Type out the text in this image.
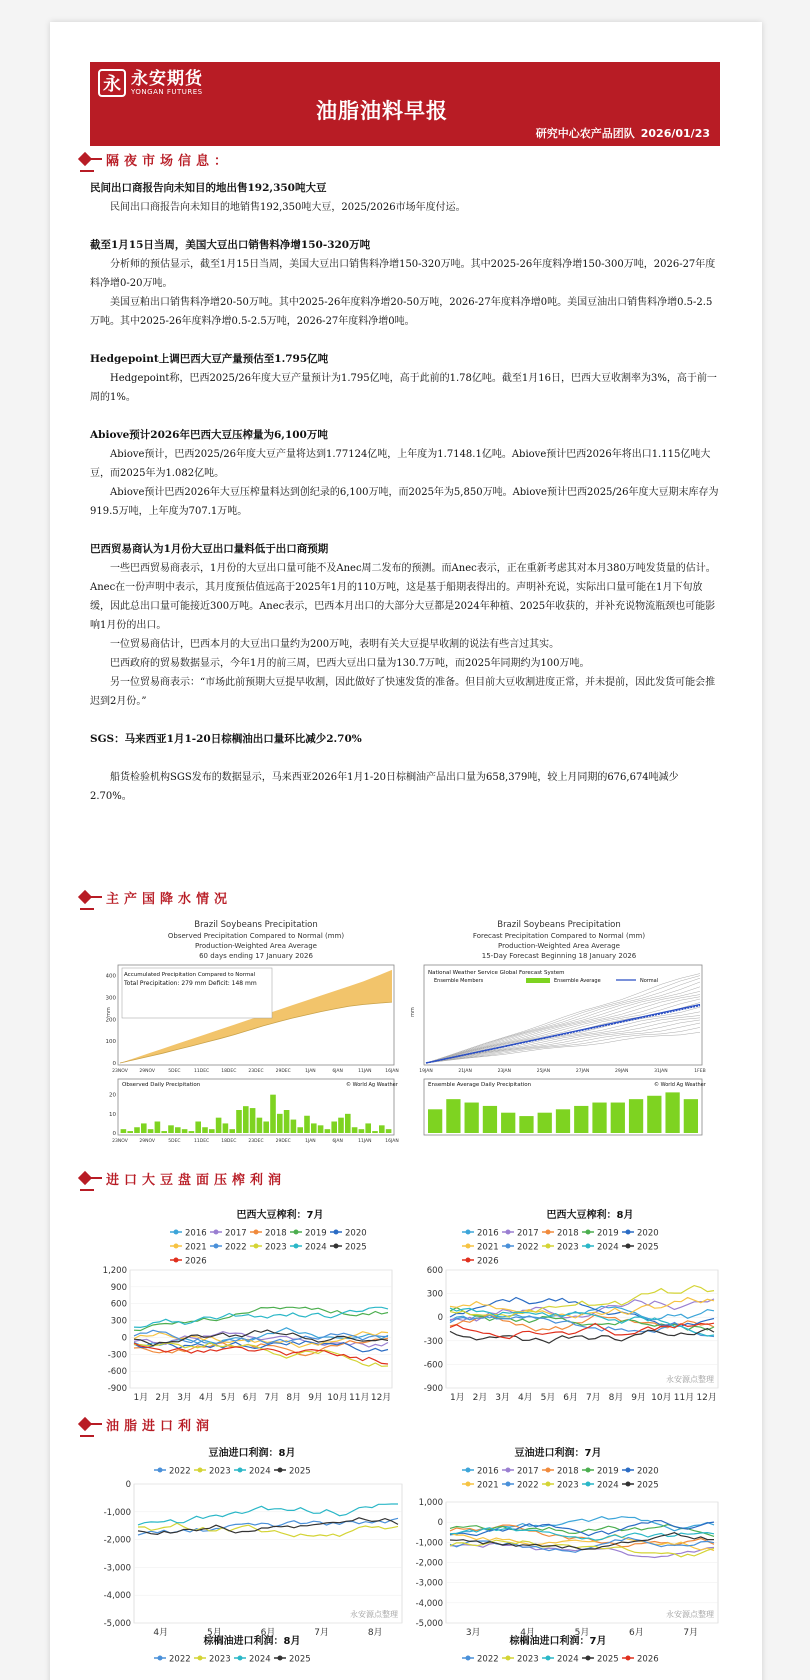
永 永安期货
YONGAN FUTURES
油脂油料早报
研究中心农产品团队 2026/01/23
隔夜市场信息：
民间出口商报告向未知目的地出售192,350吨大豆

民间出口商报告向未知目的地销售192,350吨大豆，2025/2026市场年度付运。

截至1月15日当周，美国大豆出口销售料净增150-320万吨

分析师的预估显示，截至1月15日当周，美国大豆出口销售料净增150-320万吨。其中2025-26年度料净增150-300万吨，2026-27年度料净增0-20万吨。

美国豆粕出口销售料净增20-50万吨。其中2025-26年度料净增20-50万吨，2026-27年度料净增0吨。美国豆油出口销售料净增0.5-2.5万吨。其中2025-26年度料净增0.5-2.5万吨，2026-27年度料净增0吨。

Hedgepoint上调巴西大豆产量预估至1.795亿吨

Hedgepoint称，巴西2025/26年度大豆产量预计为1.795亿吨，高于此前的1.78亿吨。截至1月16日，巴西大豆收割率为3%，高于前一周的1%。

Abiove预计2026年巴西大豆压榨量为6,100万吨

Abiove预计，巴西2025/26年度大豆产量将达到1.77124亿吨，上年度为1.7148.1亿吨。Abiove预计巴西2026年将出口1.115亿吨大豆，而2025年为1.082亿吨。

Abiove预计巴西2026年大豆压榨量料达到创纪录的6,100万吨，而2025年为5,850万吨。Abiove预计巴西2025/26年度大豆期末库存为919.5万吨，上年度为707.1万吨。

巴西贸易商认为1月份大豆出口量料低于出口商预期

一些巴西贸易商表示，1月份的大豆出口量可能不及Anec周二发布的预测。而Anec表示，正在重新考虑其对本月380万吨发货量的估计。

Anec在一份声明中表示，其月度预估值远高于2025年1月的110万吨，这是基于船期表得出的。声明补充说，实际出口量可能在1月下旬放缓，因此总出口量可能接近300万吨。Anec表示，巴西本月出口的大部分大豆都是2024年种植、2025年收获的，并补充说物流瓶颈也可能影响1月份的出口。

一位贸易商估计，巴西本月的大豆出口量约为200万吨，表明有关大豆提早收割的说法有些言过其实。

巴西政府的贸易数据显示，今年1月的前三周，巴西大豆出口量为130.7万吨，而2025年同期约为100万吨。

另一位贸易商表示：“市场此前预期大豆提早收割，因此做好了快速发货的准备。但目前大豆收割进度正常，并未提前，因此发货可能会推迟到2月份。”

SGS：马来西亚1月1-20日棕榈油出口量环比减少2.70%

船货检验机构SGS发布的数据显示，马来西亚2026年1月1-20日棕榈油产品出口量为658,379吨，较上月同期的676,674吨减少2.70%。

主产国降水情况
Brazil Soybeans Precipitation
Observed Precipitation Compared to Normal (mm)
Production-Weighted Area Average
60 days ending 17 January 2026
Accumulated Precipitation Compared to Normal
Total Precipitation: 279 mm Deficit: 148 mm
mm
0
100
200
300
400
23NOV	29NOV	5DEC	11DEC	18DEC	23DEC	29DEC	1JAN	6JAN	11JAN	16JAN
Observed Daily Precipitation	© World Ag Weather
0
10
20
23NOV	29NOV	5DEC	11DEC	18DEC	23DEC	29DEC	1JAN	6JAN	11JAN	16JAN
Brazil Soybeans Precipitation
Forecast Precipitation Compared to Normal (mm)
Production-Weighted Area Average
15-Day Forecast Beginning 18 January 2026
National Weather Service Global Forecast System
Ensemble Members	Ensemble Average	Normal
mm
19JAN	21JAN	23JAN	25JAN	27JAN	29JAN	31JAN	1FEB
Ensemble Average Daily Precipitation	© World Ag Weather
进口大豆盘面压榨利润
巴西大豆榨利：7月	巴西大豆榨利：8月
2016 2017 2018 2019 2020
2021 2022 2023 2024 2025
2026
1,200
900
600
300
0
-300
-600
-900
1月 2月 3月 4月 5月 6月 7月 8月 9月 10月 11月 12月
2016 2017 2018 2019 2020
2021 2022 2023 2024 2025
2026
600
300
0
-300
-600
-900
1月 2月 3月 4月 5月 6月 7月 8月 9月 10月 11月 12月
永安源点整理
油脂进口利润
豆油进口利润：8月	豆油进口利润：7月
2022 2023 2024 2025
0
-1,000
-2,000
-3,000
-4,000
-5,000
4月	5月	6月	7月	8月
永安源点整理
2016 2017 2018 2019 2020
2021 2022 2023 2024 2025
1,000
0
-1,000
-2,000
-3,000
-4,000
-5,000
3月	4月	5月	6月	7月
永安源点整理
棕榈油进口利润：8月	棕榈油进口利润：7月
2022 2023 2024 2025	2022 2023 2024 2025 2026
